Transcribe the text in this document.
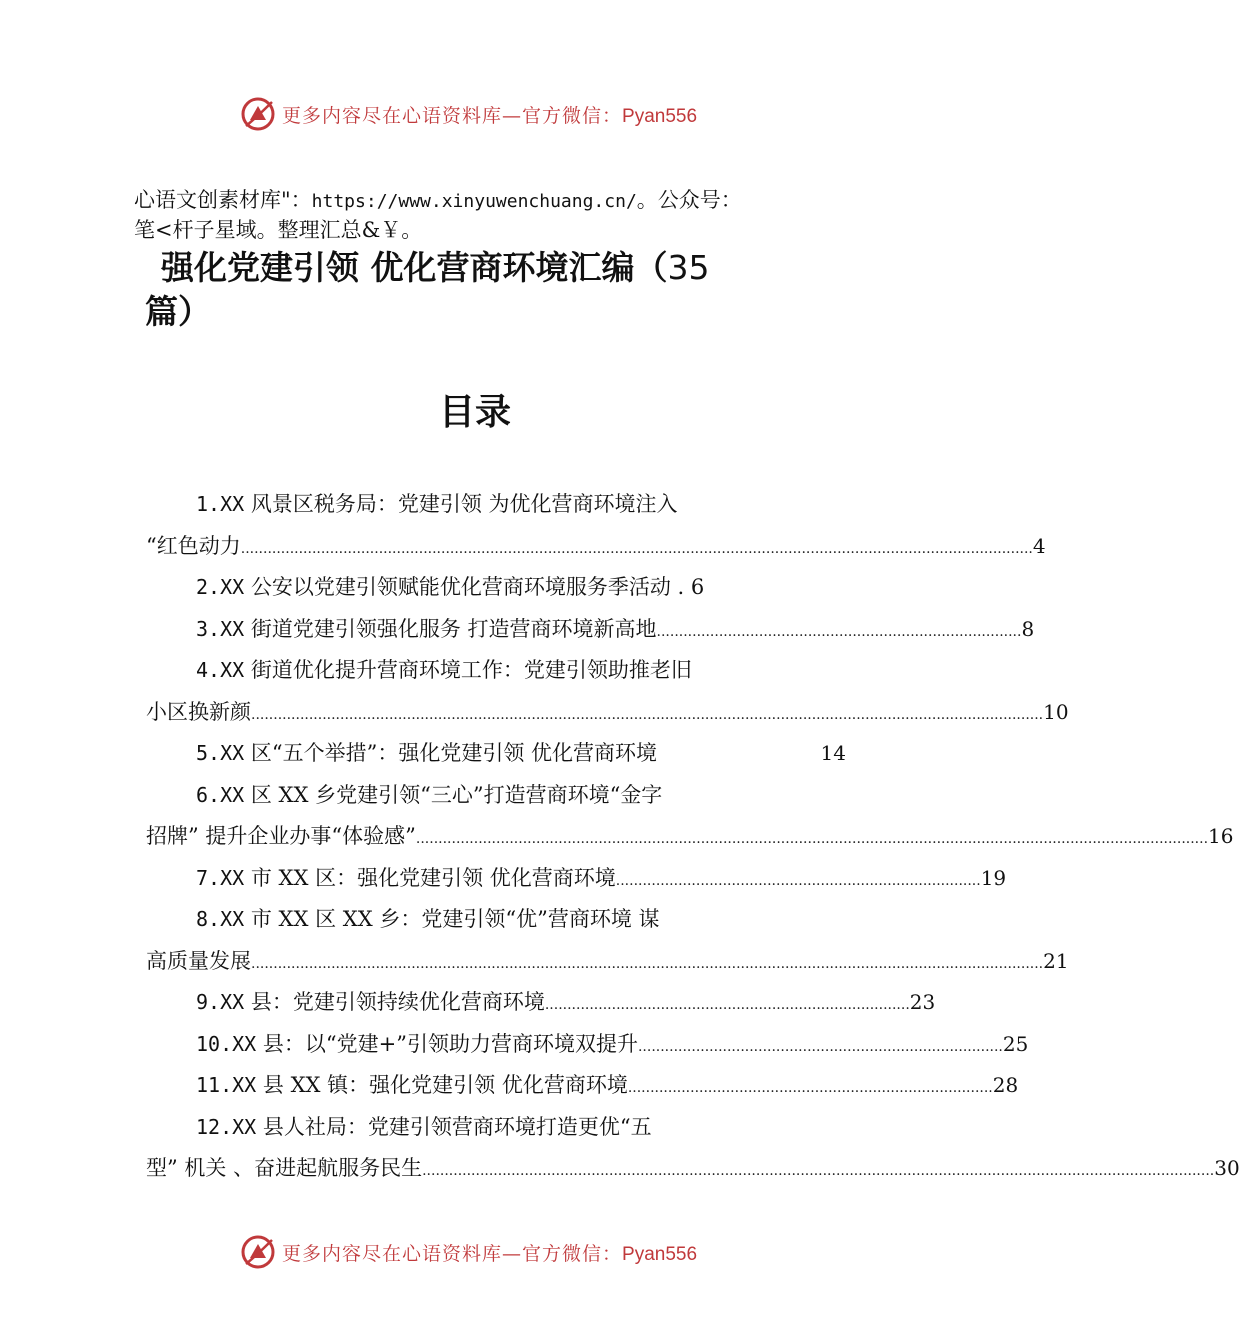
更多内容尽在心语资料库—官方微信：Pyan556
心语文创素材库"：https://www.xinyuwenchuang.cn/。公众号：
笔<杆子星域。整理汇总&￥。
强化党建引领 优化营商环境汇编（35
篇）
目录
1.XX 风景区税务局：党建引领 为优化营商环境注入
“红色动力 .................................................................................................................................................................................. 4
2.XX 公安以党建引领赋能优化营商环境服务季活动 . 6
3.XX 街道党建引领强化服务 打造营商环境新高地 .................................................................................. 8
4.XX 街道优化提升营商环境工作：党建引领助推老旧
小区换新颜 .................................................................................................................................................................................. 10
5.XX 区“五个举措”：强化党建引领 优化营商环境	14
6.XX 区 XX 乡党建引领“三心”打造营商环境“金字
招牌” 提升企业办事“体验感” .................................................................................................................................................................................. 16
7.XX 市 XX 区：强化党建引领 优化营商环境 .................................................................................. 19
8.XX 市 XX 区 XX 乡：党建引领“优”营商环境 谋
高质量发展 .................................................................................................................................................................................. 21
9.XX 县：党建引领持续优化营商环境 .................................................................................. 23
10.XX 县：以“党建+”引领助力营商环境双提升 .................................................................................. 25
11.XX 县 XX 镇：强化党建引领 优化营商环境 .................................................................................. 28
12.XX 县人社局：党建引领营商环境打造更优“五
型” 机关 、奋进起航服务民生 .................................................................................................................................................................................. 30
更多内容尽在心语资料库—官方微信：Pyan556
